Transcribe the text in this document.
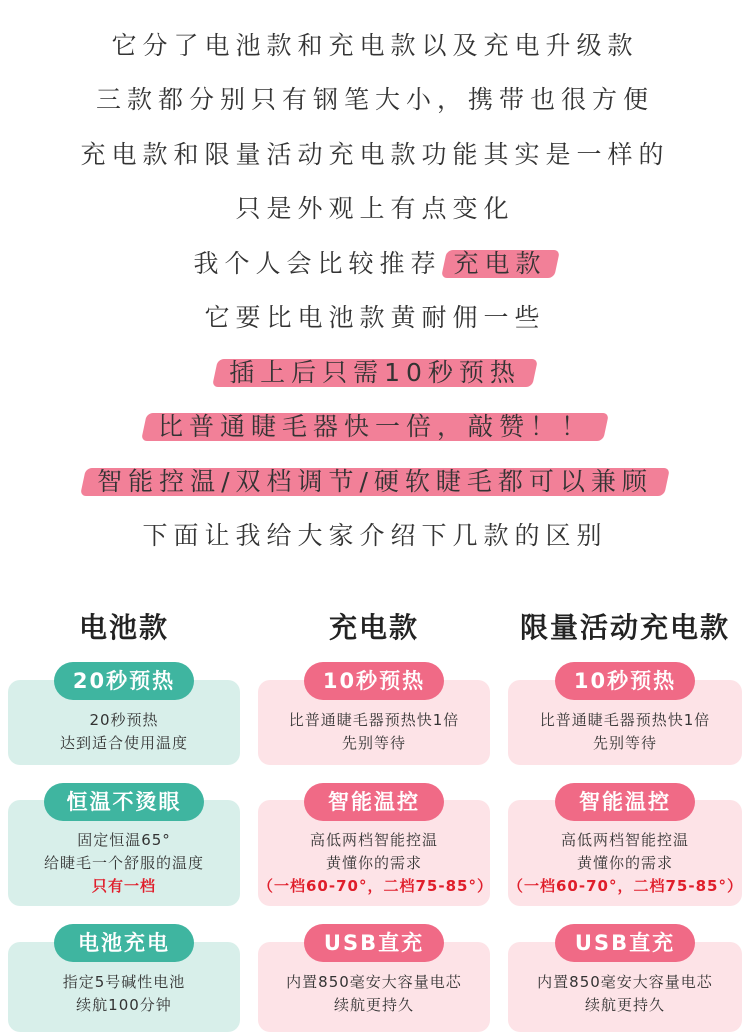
它分了电池款和充电款以及充电升级款
三款都分别只有钢笔大小，携带也很方便
充电款和限量活动充电款功能其实是一样的
只是外观上有点变化
我个人会比较推荐 充电款
它要比电池款黄耐佣一些
插上后只需10秒预热
比普通睫毛器快一倍，敲赞！！
智能控温/双档调节/硬软睫毛都可以兼顾
下面让我给大家介绍下几款的区别
电池款	充电款	限量活动充电款
20秒预热
达到适合使用温度
20秒预热
固定恒温65°
给睫毛一个舒服的温度
只有一档
恒温不烫眼
指定5号碱性电池
续航100分钟
电池充电
比普通睫毛器预热快1倍
先别等待
10秒预热
高低两档智能控温
黄懂你的需求
（一档60-70°，二档75-85°）
智能温控
内置850毫安大容量电芯
续航更持久
USB直充
比普通睫毛器预热快1倍
先别等待
10秒预热
高低两档智能控温
黄懂你的需求
（一档60-70°，二档75-85°）
智能温控
内置850毫安大容量电芯
续航更持久
USB直充
